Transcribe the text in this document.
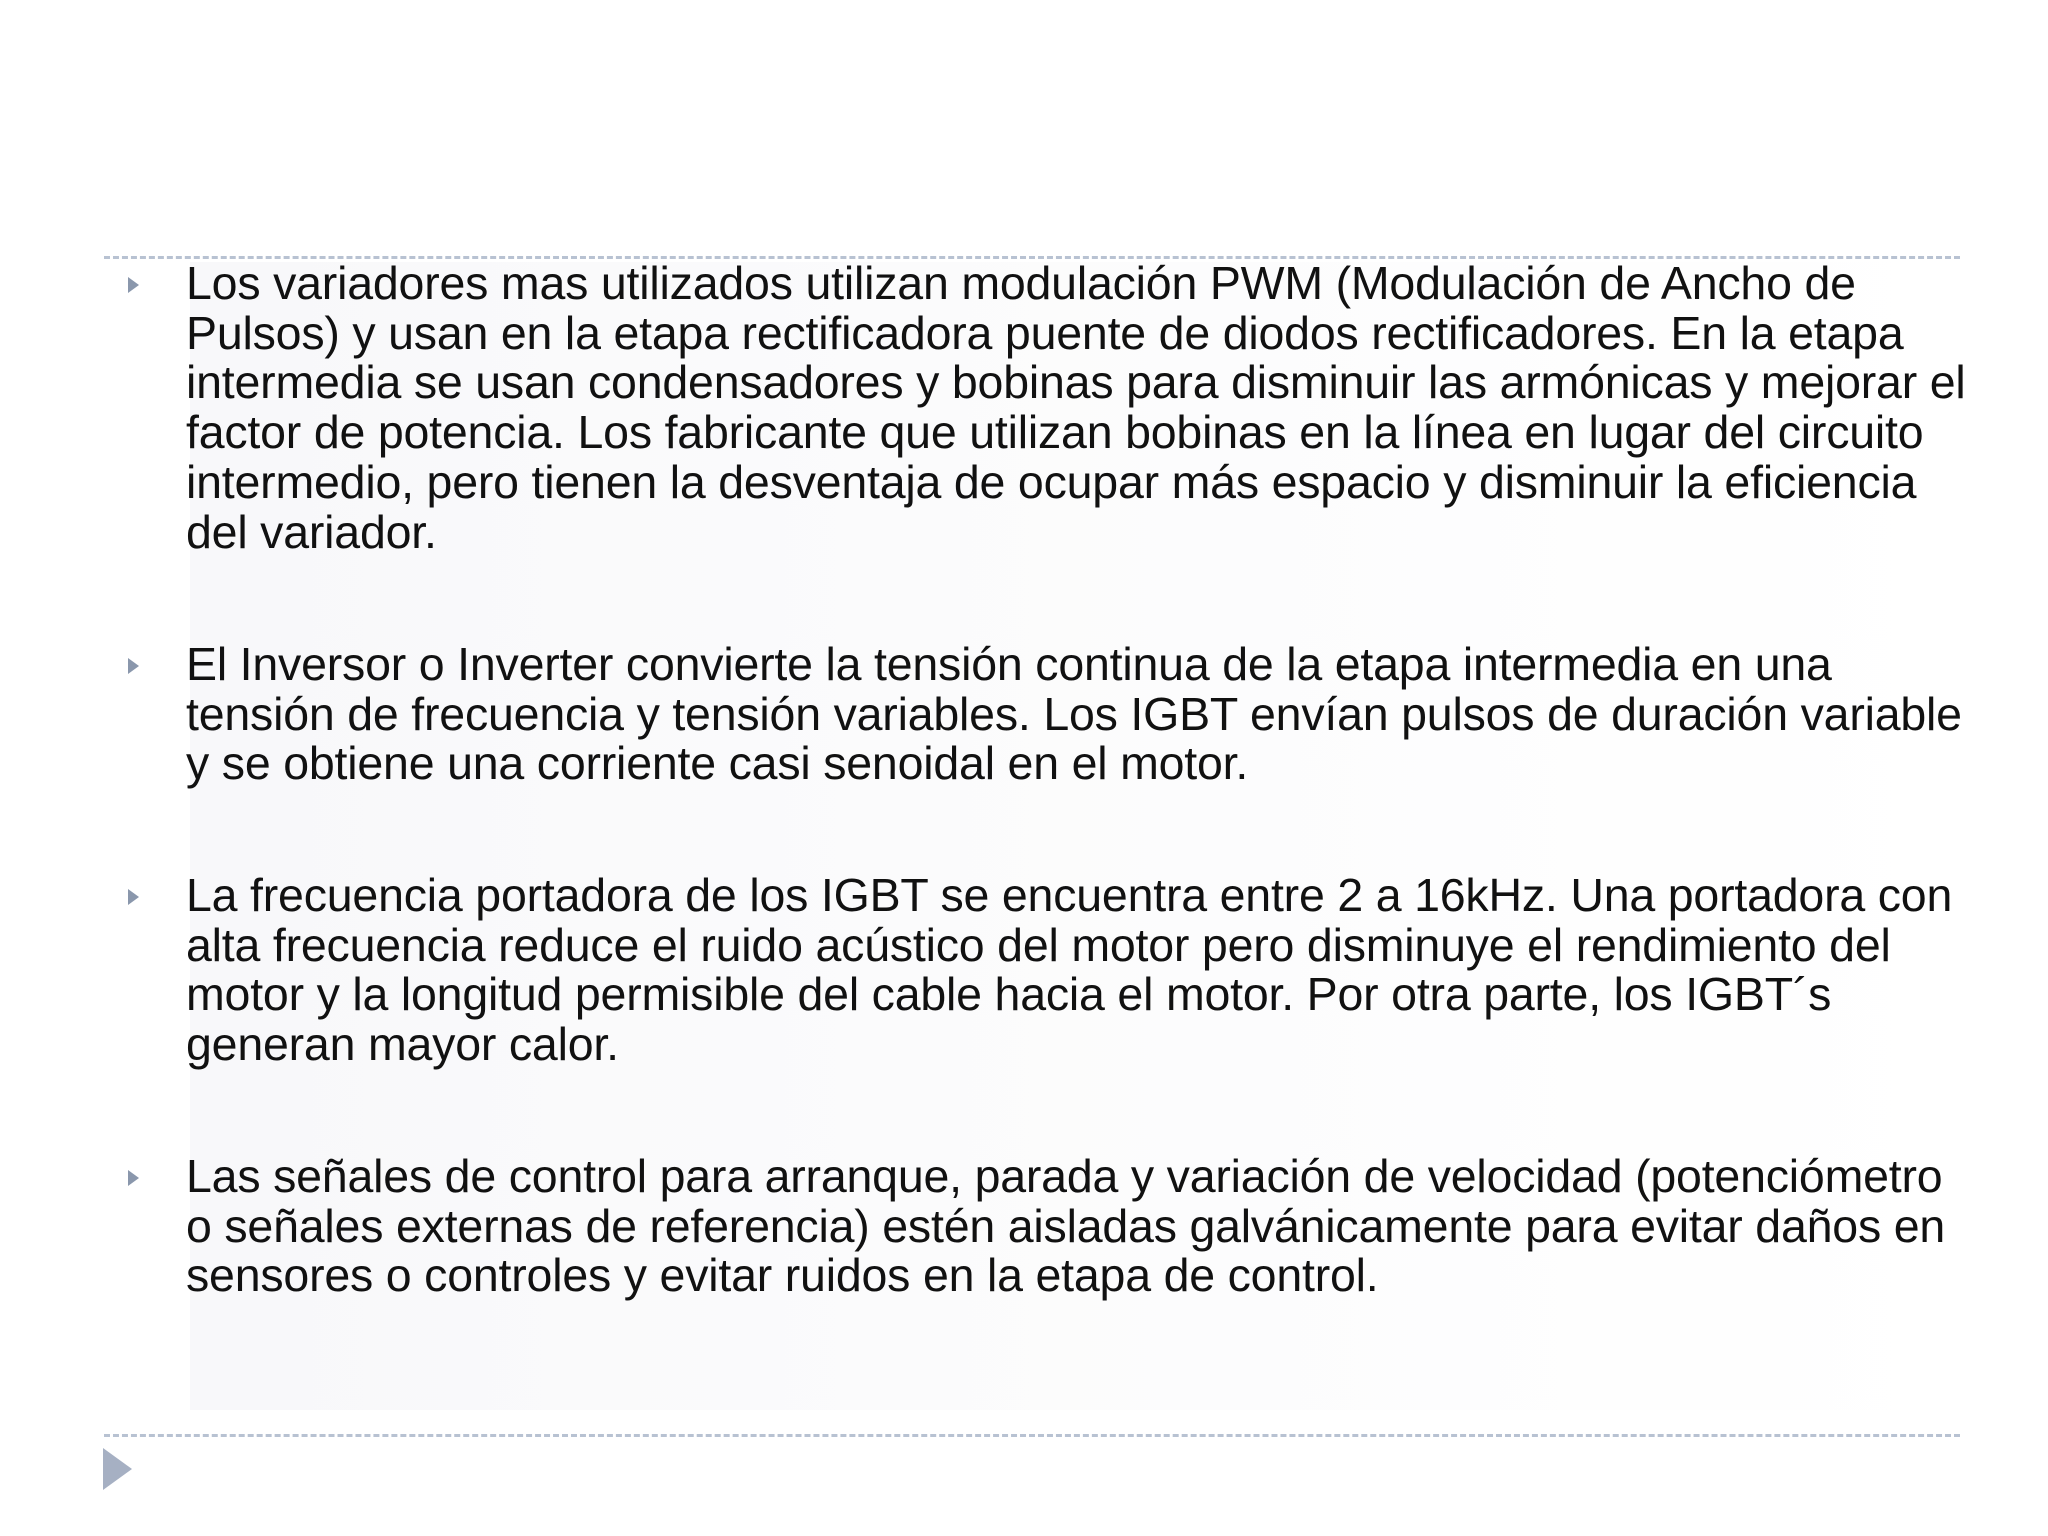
Los variadores mas utilizados utilizan modulación PWM (Modulación de Ancho de Pulsos) y usan en la etapa rectificadora puente de diodos rectificadores. En la etapa intermedia se usan condensadores y bobinas para disminuir las armónicas y mejorar el factor de potencia. Los fabricante que utilizan bobinas en la línea en lugar del circuito intermedio, pero tienen la desventaja de ocupar más espacio y disminuir la eficiencia del variador.
El Inversor o Inverter convierte la tensión continua de la etapa intermedia en una tensión de frecuencia y tensión variables. Los IGBT envían pulsos de duración variable y se obtiene una corriente casi senoidal en el motor.
La frecuencia portadora de los IGBT se encuentra entre 2 a 16kHz. Una portadora con alta frecuencia reduce el ruido acústico del motor pero disminuye el rendimiento del motor y la longitud permisible del cable hacia el motor. Por otra parte, los IGBT´s generan mayor calor.
Las señales de control para arranque, parada y variación de velocidad (potenciómetro o señales externas de referencia) estén aisladas galvánicamente para evitar daños en sensores o controles y evitar ruidos en la etapa de control.
